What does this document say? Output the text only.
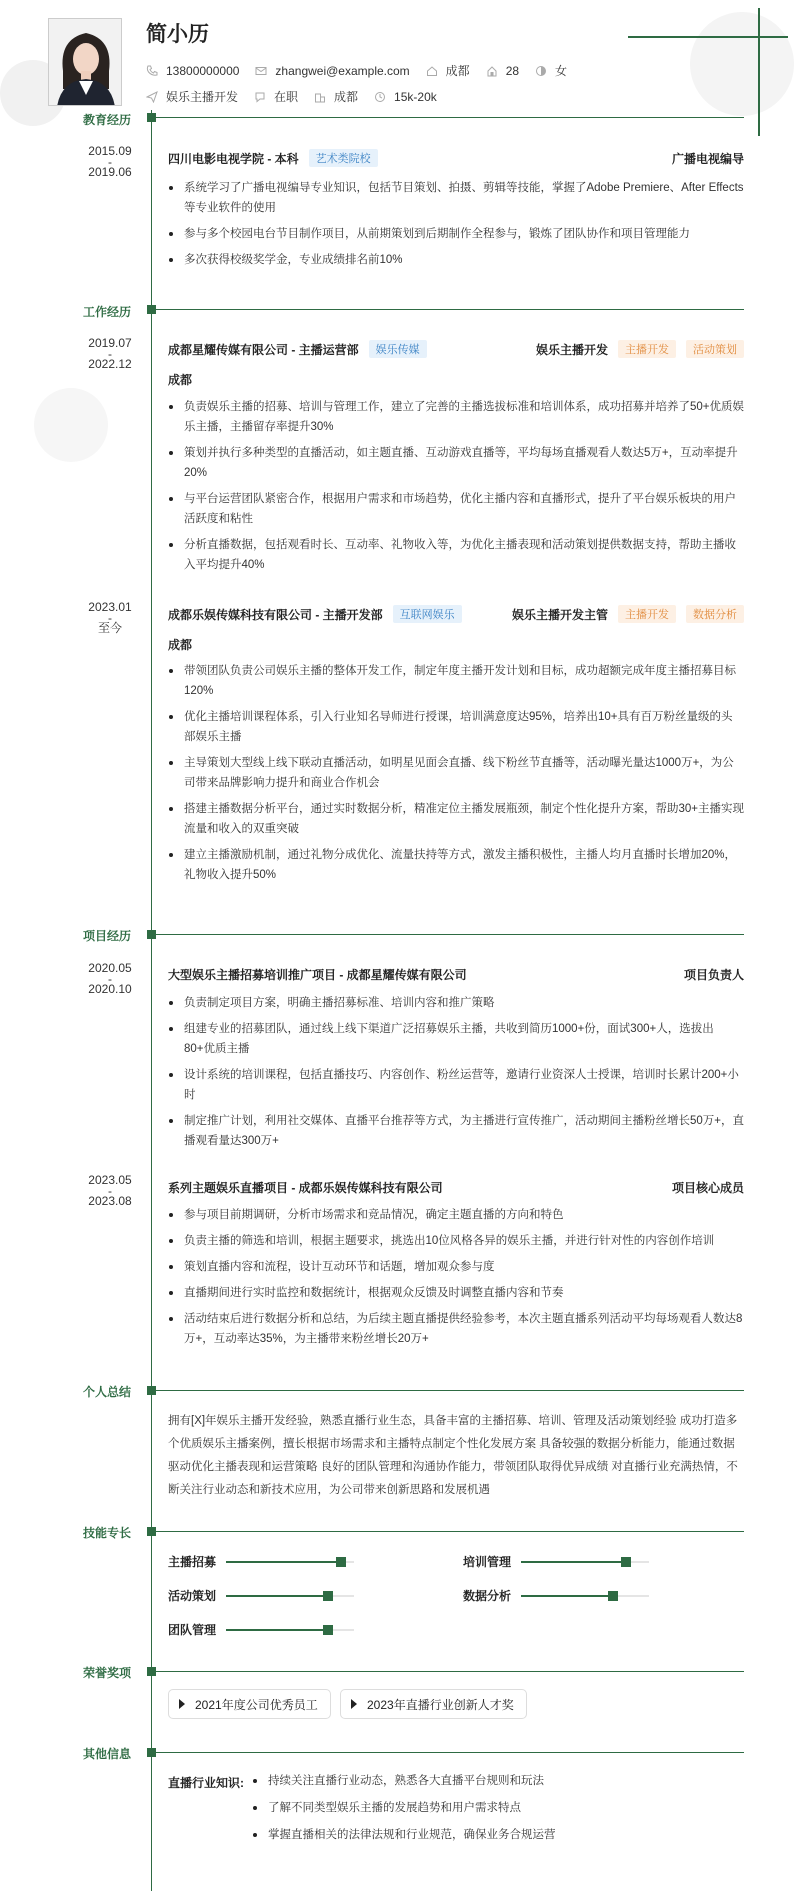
简小历
13800000000	zhangwei@example.com	成都	28	女
娱乐主播开发	在职	成都	15k-20k
教育经历
2015.09
-
2019.06
四川电影电视学院 - 本科	艺术类院校	广播电视编导
系统学习了广播电视编导专业知识，包括节目策划、拍摄、剪辑等技能，掌握了Adobe Premiere、After Effects等专业软件的使用
参与多个校园电台节目制作项目，从前期策划到后期制作全程参与，锻炼了团队协作和项目管理能力
多次获得校级奖学金，专业成绩排名前10%
工作经历
2019.07
-
2022.12
成都星耀传媒有限公司 - 主播运营部	娱乐传媒	娱乐主播开发	主播开发	活动策划
成都
负责娱乐主播的招募、培训与管理工作，建立了完善的主播选拔标准和培训体系，成功招募并培养了50+优质娱乐主播，主播留存率提升30%
策划并执行多种类型的直播活动，如主题直播、互动游戏直播等，平均每场直播观看人数达5万+，互动率提升20%
与平台运营团队紧密合作，根据用户需求和市场趋势，优化主播内容和直播形式，提升了平台娱乐板块的用户活跃度和粘性
分析直播数据，包括观看时长、互动率、礼物收入等，为优化主播表现和活动策划提供数据支持，帮助主播收入平均提升40%
2023.01
-
至今
成都乐娱传媒科技有限公司 - 主播开发部	互联网娱乐	娱乐主播开发主管	主播开发	数据分析
成都
带领团队负责公司娱乐主播的整体开发工作，制定年度主播开发计划和目标，成功超额完成年度主播招募目标120%
优化主播培训课程体系，引入行业知名导师进行授课，培训满意度达95%，培养出10+具有百万粉丝量级的头部娱乐主播
主导策划大型线上线下联动直播活动，如明星见面会直播、线下粉丝节直播等，活动曝光量达1000万+，为公司带来品牌影响力提升和商业合作机会
搭建主播数据分析平台，通过实时数据分析，精准定位主播发展瓶颈，制定个性化提升方案，帮助30+主播实现流量和收入的双重突破
建立主播激励机制，通过礼物分成优化、流量扶持等方式，激发主播积极性，主播人均月直播时长增加20%，礼物收入提升50%
项目经历
2020.05
-
2020.10
大型娱乐主播招募培训推广项目 - 成都星耀传媒有限公司	项目负责人
负责制定项目方案，明确主播招募标准、培训内容和推广策略
组建专业的招募团队，通过线上线下渠道广泛招募娱乐主播，共收到简历1000+份，面试300+人，选拔出80+优质主播
设计系统的培训课程，包括直播技巧、内容创作、粉丝运营等，邀请行业资深人士授课，培训时长累计200+小时
制定推广计划，利用社交媒体、直播平台推荐等方式，为主播进行宣传推广，活动期间主播粉丝增长50万+，直播观看量达300万+
2023.05
-
2023.08
系列主题娱乐直播项目 - 成都乐娱传媒科技有限公司	项目核心成员
参与项目前期调研，分析市场需求和竞品情况，确定主题直播的方向和特色
负责主播的筛选和培训，根据主题要求，挑选出10位风格各异的娱乐主播，并进行针对性的内容创作培训
策划直播内容和流程，设计互动环节和话题，增加观众参与度
直播期间进行实时监控和数据统计，根据观众反馈及时调整直播内容和节奏
活动结束后进行数据分析和总结，为后续主题直播提供经验参考，本次主题直播系列活动平均每场观看人数达8万+，互动率达35%，为主播带来粉丝增长20万+
个人总结
拥有[X]年娱乐主播开发经验，熟悉直播行业生态，具备丰富的主播招募、培训、管理及活动策划经验 成功打造多个优质娱乐主播案例，擅长根据市场需求和主播特点制定个性化发展方案 具备较强的数据分析能力，能通过数据驱动优化主播表现和运营策略 良好的团队管理和沟通协作能力，带领团队取得优异成绩 对直播行业充满热情，不断关注行业动态和新技术应用，为公司带来创新思路和发展机遇
技能专长
主播招募	培训管理
活动策划	数据分析
团队管理
荣誉奖项
2021年度公司优秀员工	2023年直播行业创新人才奖
其他信息
直播行业知识:	持续关注直播行业动态，熟悉各大直播平台规则和玩法
了解不同类型娱乐主播的发展趋势和用户需求特点
掌握直播相关的法律法规和行业规范，确保业务合规运营
